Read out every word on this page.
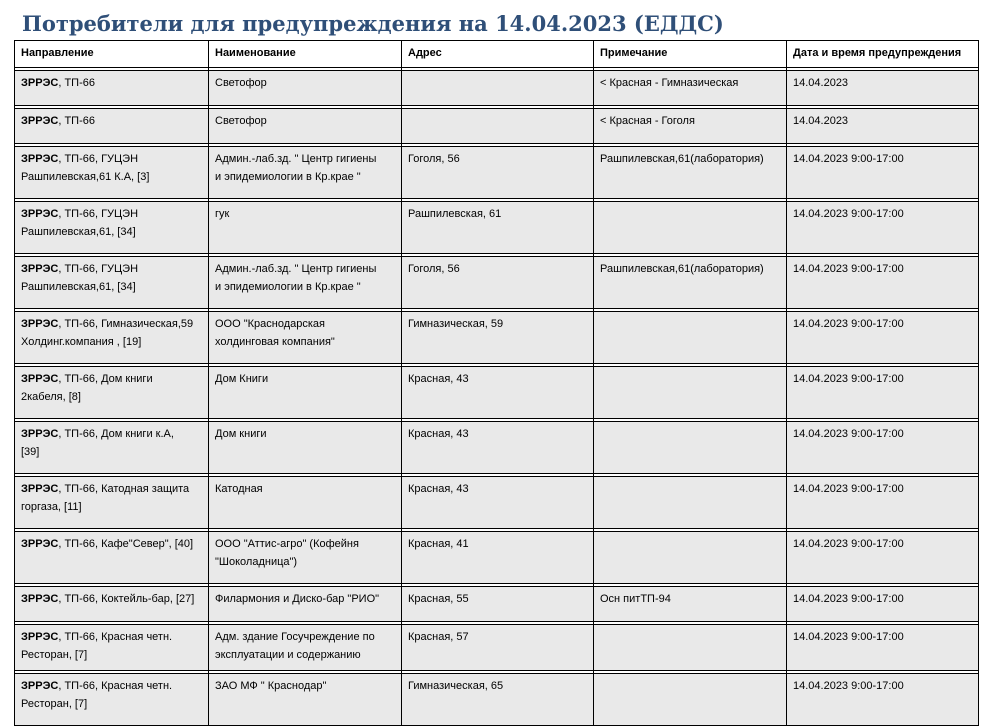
Потребители для предупреждения на 14.04.2023 (ЕДДС)
Направление	Наименование	Адрес	Примечание	Дата и время предупреждения

ЗРРЭС, ТП-66	Светофор		< Красная - Гимназическая	14.04.2023

ЗРРЭС, ТП-66	Светофор		< Красная - Гоголя	14.04.2023

ЗРРЭС, ТП-66, ГУЦЭН
Рашпилевская,61 К.А, [3]	Админ.-лаб.зд. " Центр гигиены
и эпидемиологии в Кр.крае "	Гоголя, 56	Рашпилевская,61(лаборатория)	14.04.2023 9:00-17:00

ЗРРЭС, ТП-66, ГУЦЭН
Рашпилевская,61, [34]	гук	Рашпилевская, 61		14.04.2023 9:00-17:00

ЗРРЭС, ТП-66, ГУЦЭН
Рашпилевская,61, [34]	Админ.-лаб.зд. " Центр гигиены
и эпидемиологии в Кр.крае "	Гоголя, 56	Рашпилевская,61(лаборатория)	14.04.2023 9:00-17:00

ЗРРЭС, ТП-66, Гимназическая,59
Холдинг.компания , [19]	ООО "Краснодарская
холдинговая компания"	Гимназическая, 59		14.04.2023 9:00-17:00

ЗРРЭС, ТП-66, Дом книги
2кабеля, [8]	Дом Книги	Красная, 43		14.04.2023 9:00-17:00

ЗРРЭС, ТП-66, Дом книги к.А,
[39]	Дом книги	Красная, 43		14.04.2023 9:00-17:00

ЗРРЭС, ТП-66, Катодная защита
горгаза, [11]	Катодная	Красная, 43		14.04.2023 9:00-17:00

ЗРРЭС, ТП-66, Кафе"Север", [40]	ООО "Аттис-агро" (Кофейня
"Шоколадница")	Красная, 41		14.04.2023 9:00-17:00

ЗРРЭС, ТП-66, Коктейль-бар, [27]	Филармония и Диско-бар "РИО"	Красная, 55	Осн питТП-94	14.04.2023 9:00-17:00

ЗРРЭС, ТП-66, Красная четн.
Ресторан, [7]	Адм. здание Госучреждение по
эксплуатации и содержанию	Красная, 57		14.04.2023 9:00-17:00

ЗРРЭС, ТП-66, Красная четн.
Ресторан, [7]	ЗАО МФ " Краснодар"	Гимназическая, 65		14.04.2023 9:00-17:00
